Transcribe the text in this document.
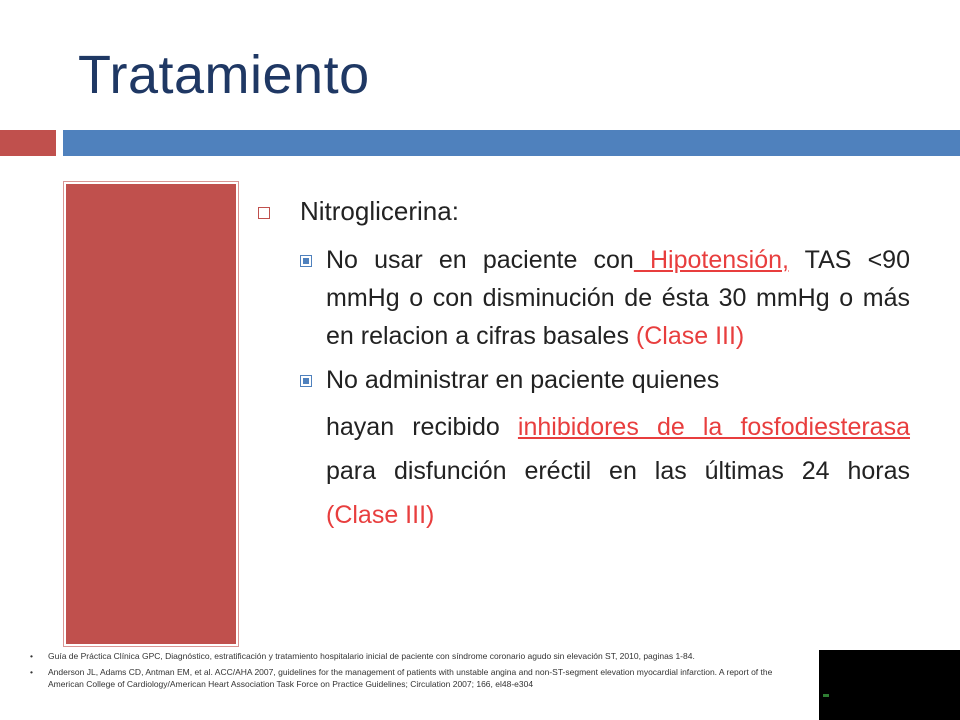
Tratamiento
Nitroglicerina:
No usar en paciente con Hipotensión, TAS <90 mmHg o con disminución de ésta 30 mmHg o más en relacion a cifras basales (Clase III)
No administrar en paciente quienes
hayan recibido inhibidores de la fosfodiesterasa para disfunción eréctil en las últimas 24 horas (Clase III)
• Guía de Práctica Clínica GPC, Diagnóstico, estratificación y tratamiento hospitalario inicial de paciente con síndrome coronario agudo sin elevación ST, 2010, paginas 1-84.
• Anderson JL, Adams CD, Antman EM, et al. ACC/AHA 2007, guidelines for the management of patients with unstable angina and non-ST-segment elevation myocardial infarction. A report of the American College of Cardiology/American Heart Association Task Force on Practice Guidelines; Circulation 2007; 166, el48-e304
